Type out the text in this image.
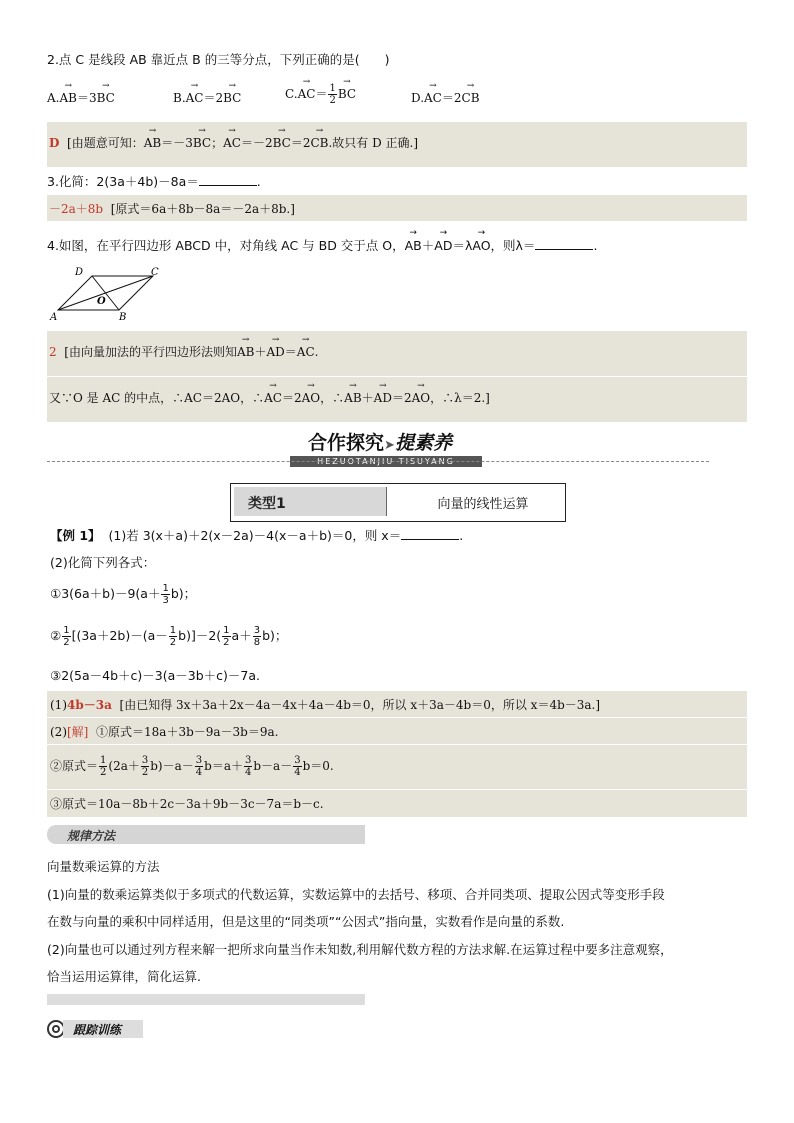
2.点 C 是线段 AB 靠近点 B 的三等分点，下列正确的是(　　)
A.→ AB＝3→ BC	B.→ AC＝2→ BC	$C.\to AC= \frac{1}{2}$
→ BC	D.→ AC＝2→ CB
D [由题意可知：→ AB＝－3→ BC；→ AC＝－2→ BC＝2→ CB.故只有 D 正确.]
3.化简：2(3a＋4b)－8a＝	.
－2a＋8b [原式＝6a＋8b－8a＝－2a＋8b.]
4.如图，在平行四边形 ABCD 中，对角线 AC 与 BD 交于点 O，→ AB＋→ AD＝λ→ AO，则λ＝	.
A	B
C
D
O
2 [由向量加法的平行四边形法则知→ AB＋→ AD＝→ AC.
又∵O 是 AC 的中点，∴AC＝2AO，∴→ AC＝2→ AO，∴→ AB＋→ AD＝2→ AO，∴λ＝2.]
合作探究➤提素养
HEZUOTANJIU TISUYANG
类型1	向量的线性运算
【例 1】 (1)若 3(x＋a)＋2(x－2a)－4(x－a＋b)＝0，则 x＝	.
(2)化简下列各式：
①3(6a＋b)－9(a＋ $\frac{1}{3} b$)；
② $\frac{1}{2} [(3a+2b)-(a- \frac{1}{2} b)]-2( \frac{1}{2} a+ \frac{3}{8} b)$；
③2(5a－4b＋c)－3(a－3b＋c)－7a.
(1)4b－3a [由已知得 3x＋3a＋2x－4a－4x＋4a－4b＝0，所以 x＋3a－4b＝0，所以 x＝4b－3a.]
(2)[解] ①原式＝18a＋3b－9a－3b＝9a.
②原式＝ $\frac{1}{2} (2a+ \frac{3}{2} b)-a- \frac{3}{4} b=a+ \frac{3}{4} b-a- \frac{3}{4} b=0$.
③原式＝10a－8b＋2c－3a＋9b－3c－7a＝b－c.
规律方法
向量数乘运算的方法
(1)向量的数乘运算类似于多项式的代数运算，实数运算中的去括号、移项、合并同类项、提取公因式等变形手段
在数与向量的乘积中同样适用，但是这里的“同类项”“公因式”指向量，实数看作是向量的系数.
(2)向量也可以通过列方程来解一把所求向量当作未知数,利用解代数方程的方法求解.在运算过程中要多注意观察，
恰当运用运算律，简化运算.
跟踪训练
